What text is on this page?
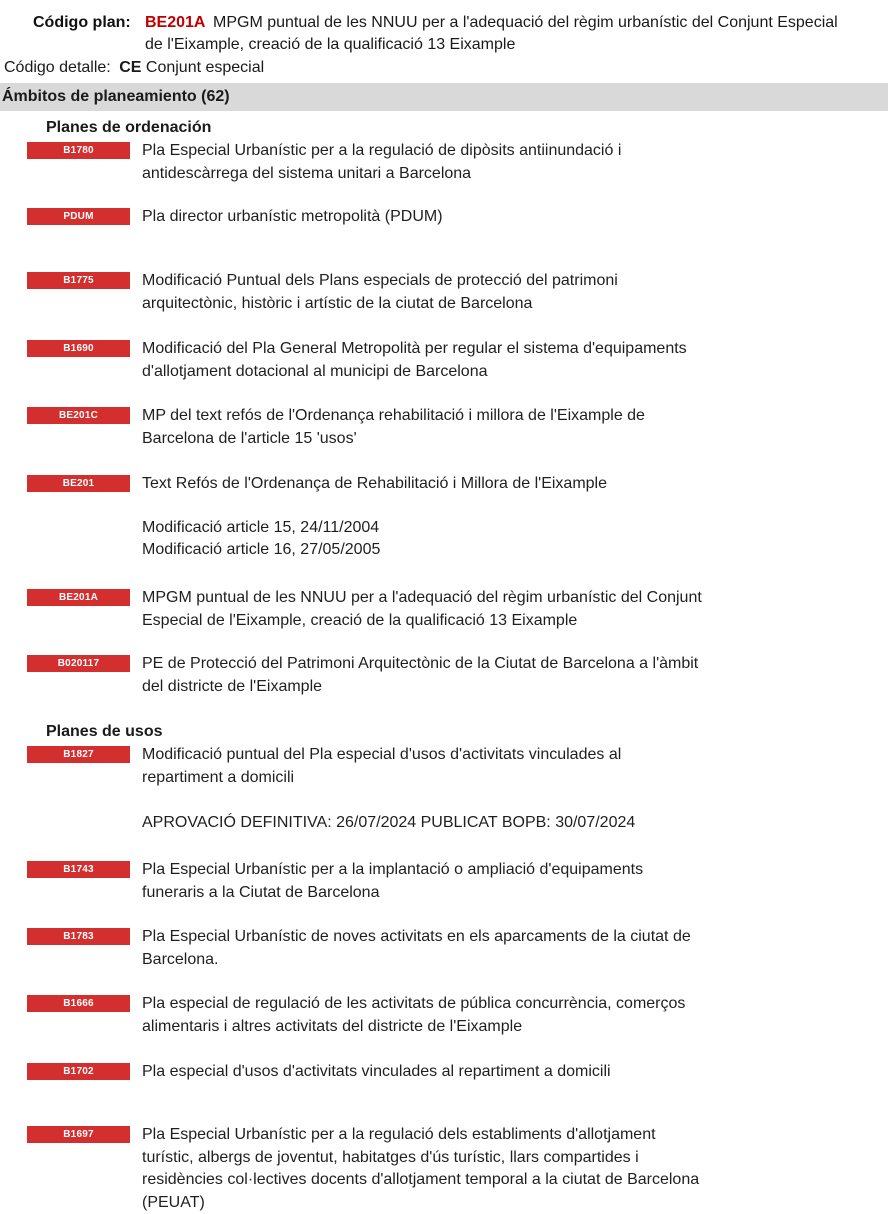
Código plan: BE201A MPGM puntual de les NNUU per a l'adequació del règim urbanístic del Conjunt Especial
de l'Eixample, creació de la qualificació 13 Eixample
Código detalle: CE Conjunt especial
Ámbitos de planeamiento (62)
Planes de ordenación
B1780	Pla Especial Urbanístic per a la regulació de dipòsits antiinundació i antidescàrrega del sistema unitari a Barcelona
PDUM	Pla director urbanístic metropolità (PDUM)
B1775	Modificació Puntual dels Plans especials de protecció del patrimoni arquitectònic, històric i artístic de la ciutat de Barcelona
B1690	Modificació del Pla General Metropolità per regular el sistema d'equipaments d'allotjament dotacional al municipi de Barcelona
BE201C	MP del text refós de l'Ordenança rehabilitació i millora de l'Eixample de Barcelona de l'article 15 'usos'
BE201	Text Refós de l'Ordenança de Rehabilitació i Millora de l'Eixample
Modificació article 15, 24/11/2004
Modificació article 16, 27/05/2005
BE201A	MPGM puntual de les NNUU per a l'adequació del règim urbanístic del Conjunt Especial de l'Eixample, creació de la qualificació 13 Eixample
B020117	PE de Protecció del Patrimoni Arquitectònic de la Ciutat de Barcelona a l'àmbit del districte de l'Eixample
Planes de usos
B1827	Modificació puntual del Pla especial d'usos d'activitats vinculades al repartiment a domicili
APROVACIÓ DEFINITIVA: 26/07/2024 PUBLICAT BOPB: 30/07/2024
B1743	Pla Especial Urbanístic per a la implantació o ampliació d'equipaments funeraris a la Ciutat de Barcelona
B1783	Pla Especial Urbanístic de noves activitats en els aparcaments de la ciutat de Barcelona.
B1666	Pla especial de regulació de les activitats de pública concurrència, comerços alimentaris i altres activitats del districte de l'Eixample
B1702	Pla especial d'usos d'activitats vinculades al repartiment a domicili
B1697	Pla Especial Urbanístic per a la regulació dels establiments d'allotjament turístic, albergs de joventut, habitatges d'ús turístic, llars compartides i residències col·lectives docents d'allotjament temporal a la ciutat de Barcelona (PEUAT)
